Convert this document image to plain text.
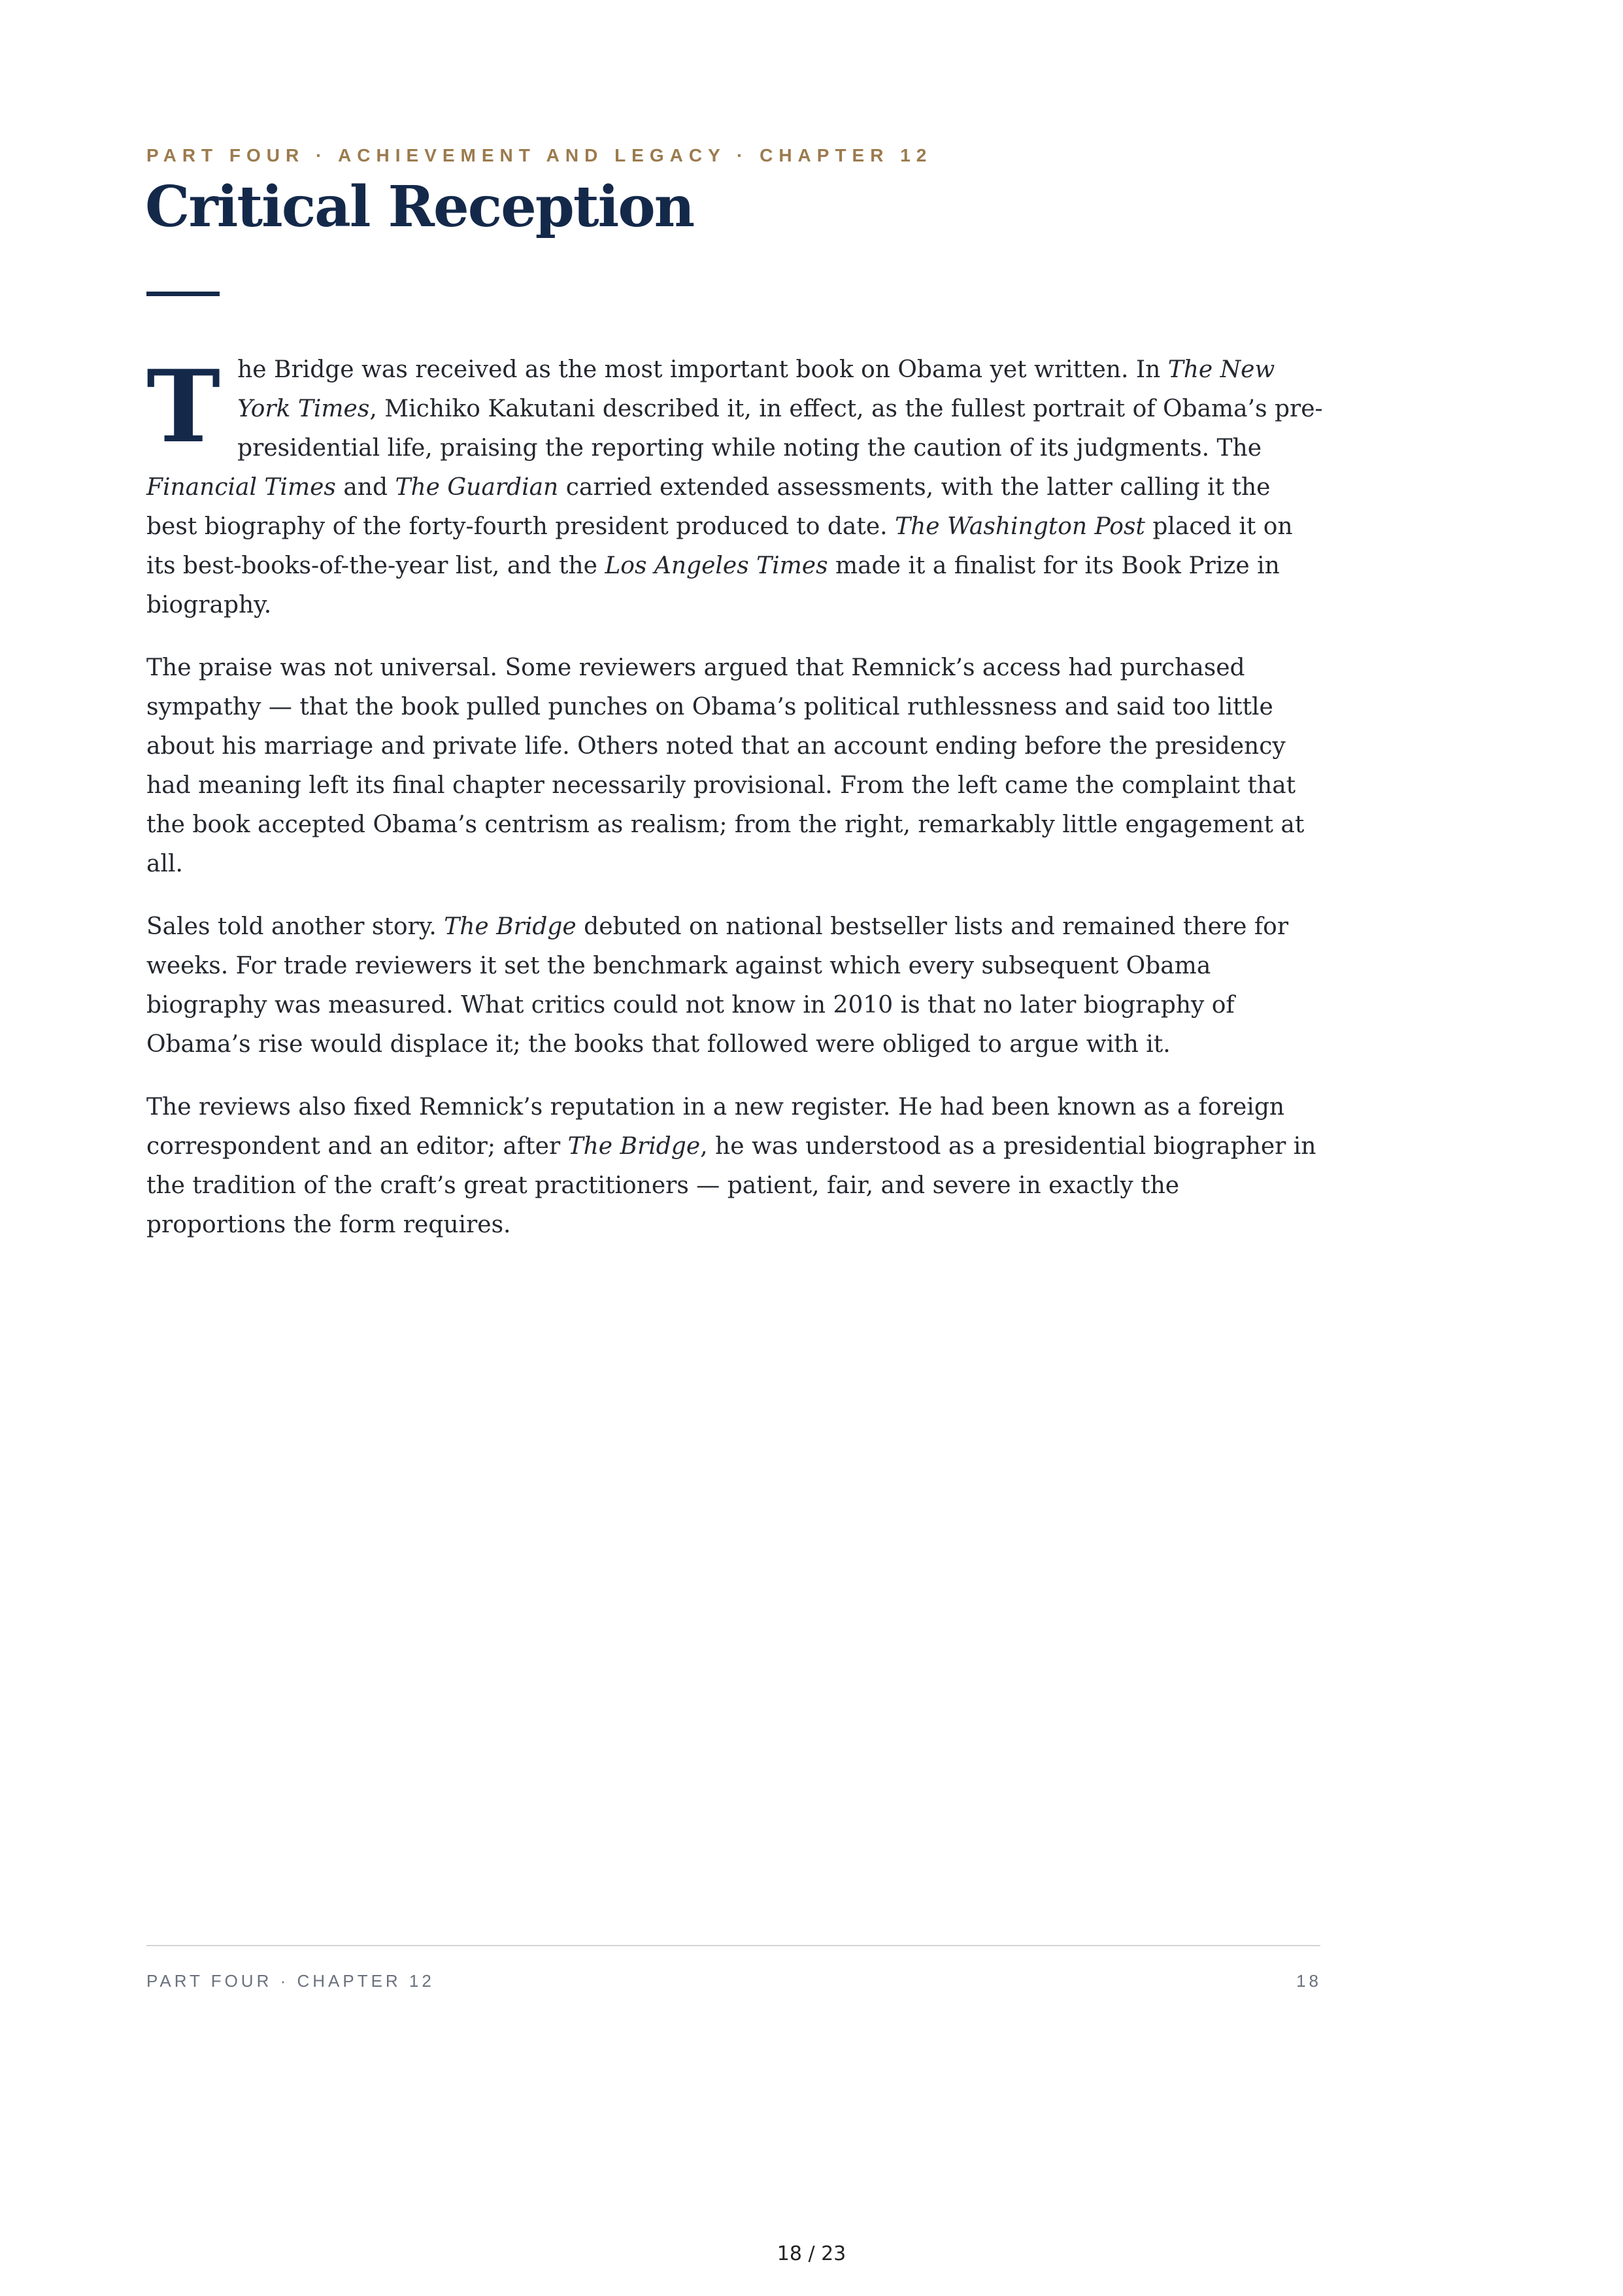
PART FOUR · ACHIEVEMENT AND LEGACY · CHAPTER 12
Critical Reception

The Bridge was received as the most important book on Obama yet written. In The New York Times, Michiko Kakutani described it, in effect, as the fullest portrait of Obama’s pre-presidential life, praising the reporting while noting the caution of its judgments. The Financial Times and The Guardian carried extended assessments, with the latter calling it the best biography of the forty-fourth president produced to date. The Washington Post placed it on its best-books-of-the-year list, and the Los Angeles Times made it a finalist for its Book Prize in biography.

The praise was not universal. Some reviewers argued that Remnick’s access had purchased sympathy — that the book pulled punches on Obama’s political ruthlessness and said too little about his marriage and private life. Others noted that an account ending before the presidency had meaning left its final chapter necessarily provisional. From the left came the complaint that the book accepted Obama’s centrism as realism; from the right, remarkably little engagement at all.

Sales told another story. The Bridge debuted on national bestseller lists and remained there for weeks. For trade reviewers it set the benchmark against which every subsequent Obama biography was measured. What critics could not know in 2010 is that no later biography of Obama’s rise would displace it; the books that followed were obliged to argue with it.

The reviews also fixed Remnick’s reputation in a new register. He had been known as a foreign correspondent and an editor; after The Bridge, he was understood as a presidential biographer in the tradition of the craft’s great practitioners — patient, fair, and severe in exactly the proportions the form requires.

PART FOUR · CHAPTER 12	18
18 / 23
